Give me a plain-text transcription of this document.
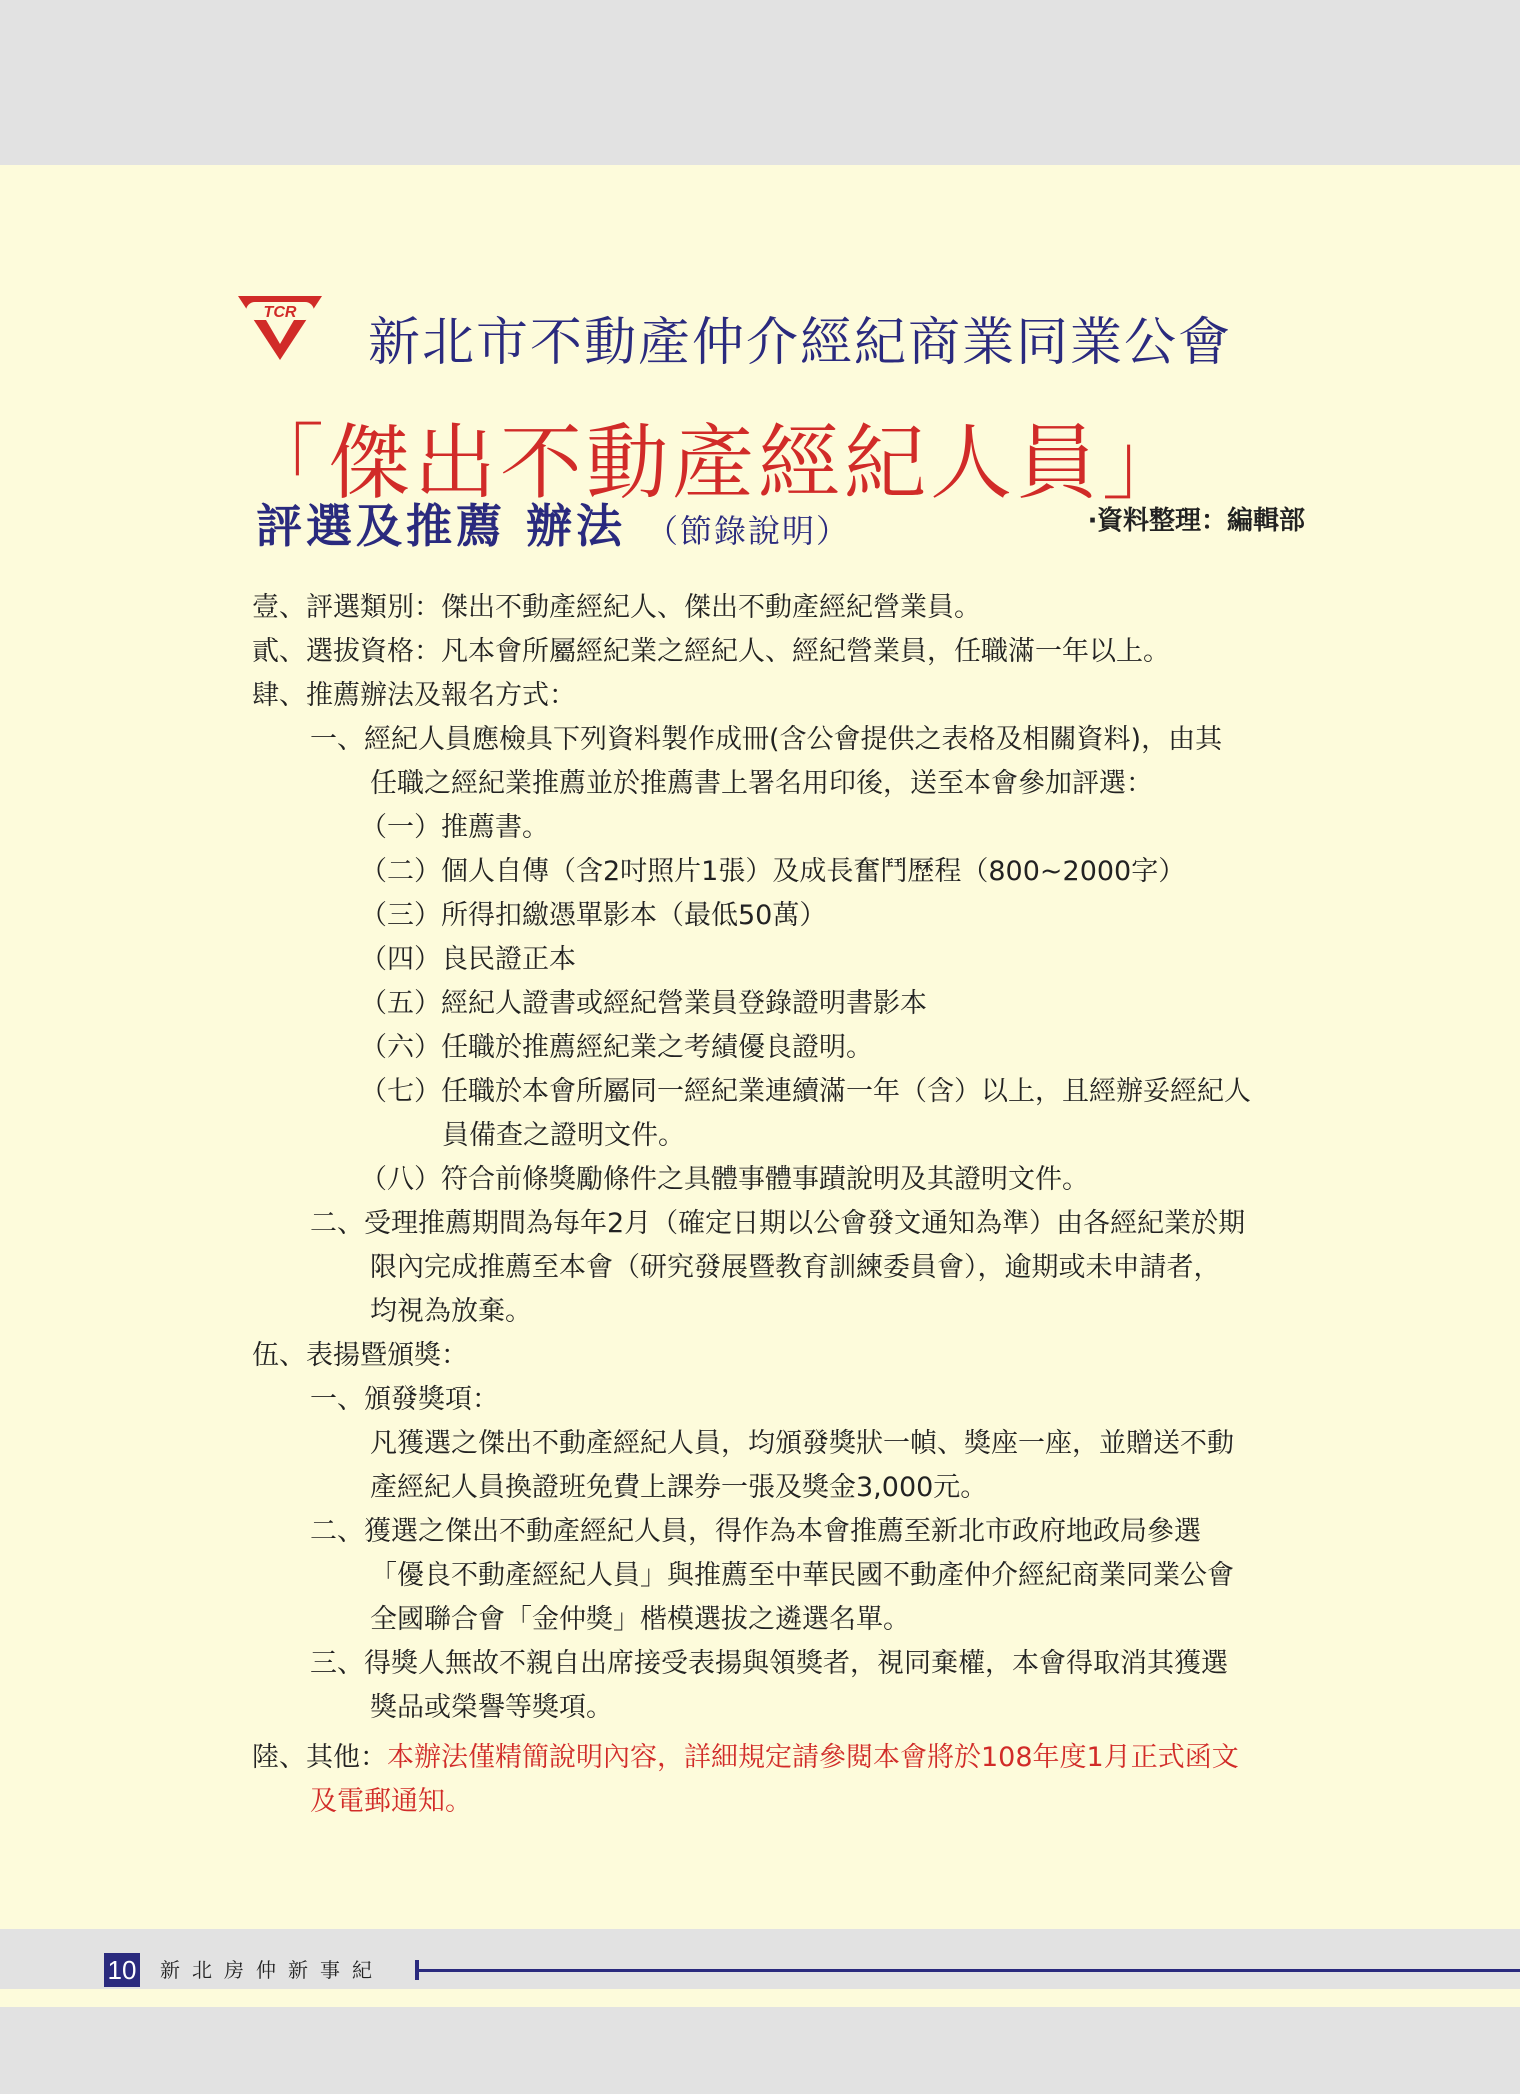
TCR
新北市不動產仲介經紀商業同業公會
「傑出不動產經紀人員」
評選及推薦 辦法 （節錄說明）	‧資料整理：編輯部
壹、評選類別：傑出不動產經紀人、傑出不動產經紀營業員。
貳、選拔資格：凡本會所屬經紀業之經紀人、經紀營業員，任職滿一年以上。
肆、推薦辦法及報名方式：
一、經紀人員應檢具下列資料製作成冊(含公會提供之表格及相關資料)，由其
任職之經紀業推薦並於推薦書上署名用印後，送至本會參加評選：
（一）推薦書。
（二）個人自傳（含2吋照片1張）及成長奮鬥歷程（800~2000字）
（三）所得扣繳憑單影本（最低50萬）
（四）良民證正本
（五）經紀人證書或經紀營業員登錄證明書影本
（六）任職於推薦經紀業之考績優良證明。
（七）任職於本會所屬同一經紀業連續滿一年（含）以上，且經辦妥經紀人
員備查之證明文件。
（八）符合前條獎勵條件之具體事體事蹟說明及其證明文件。
二、受理推薦期間為每年2月（確定日期以公會發文通知為準）由各經紀業於期
限內完成推薦至本會（研究發展暨教育訓練委員會），逾期或未申請者，
均視為放棄。
伍、表揚暨頒獎：
一、頒發獎項：
凡獲選之傑出不動產經紀人員，均頒發獎狀一幀、獎座一座，並贈送不動
產經紀人員換證班免費上課券一張及獎金3,000元。
二、獲選之傑出不動產經紀人員，得作為本會推薦至新北市政府地政局參選
「優良不動產經紀人員」與推薦至中華民國不動產仲介經紀商業同業公會
全國聯合會「金仲獎」楷模選拔之遴選名單。
三、得獎人無故不親自出席接受表揚與領獎者，視同棄權，本會得取消其獲選
獎品或榮譽等獎項。
陸、其他：本辦法僅精簡說明內容，詳細規定請參閱本會將於108年度1月正式函文
及電郵通知。
10 新北房仲新事紀
